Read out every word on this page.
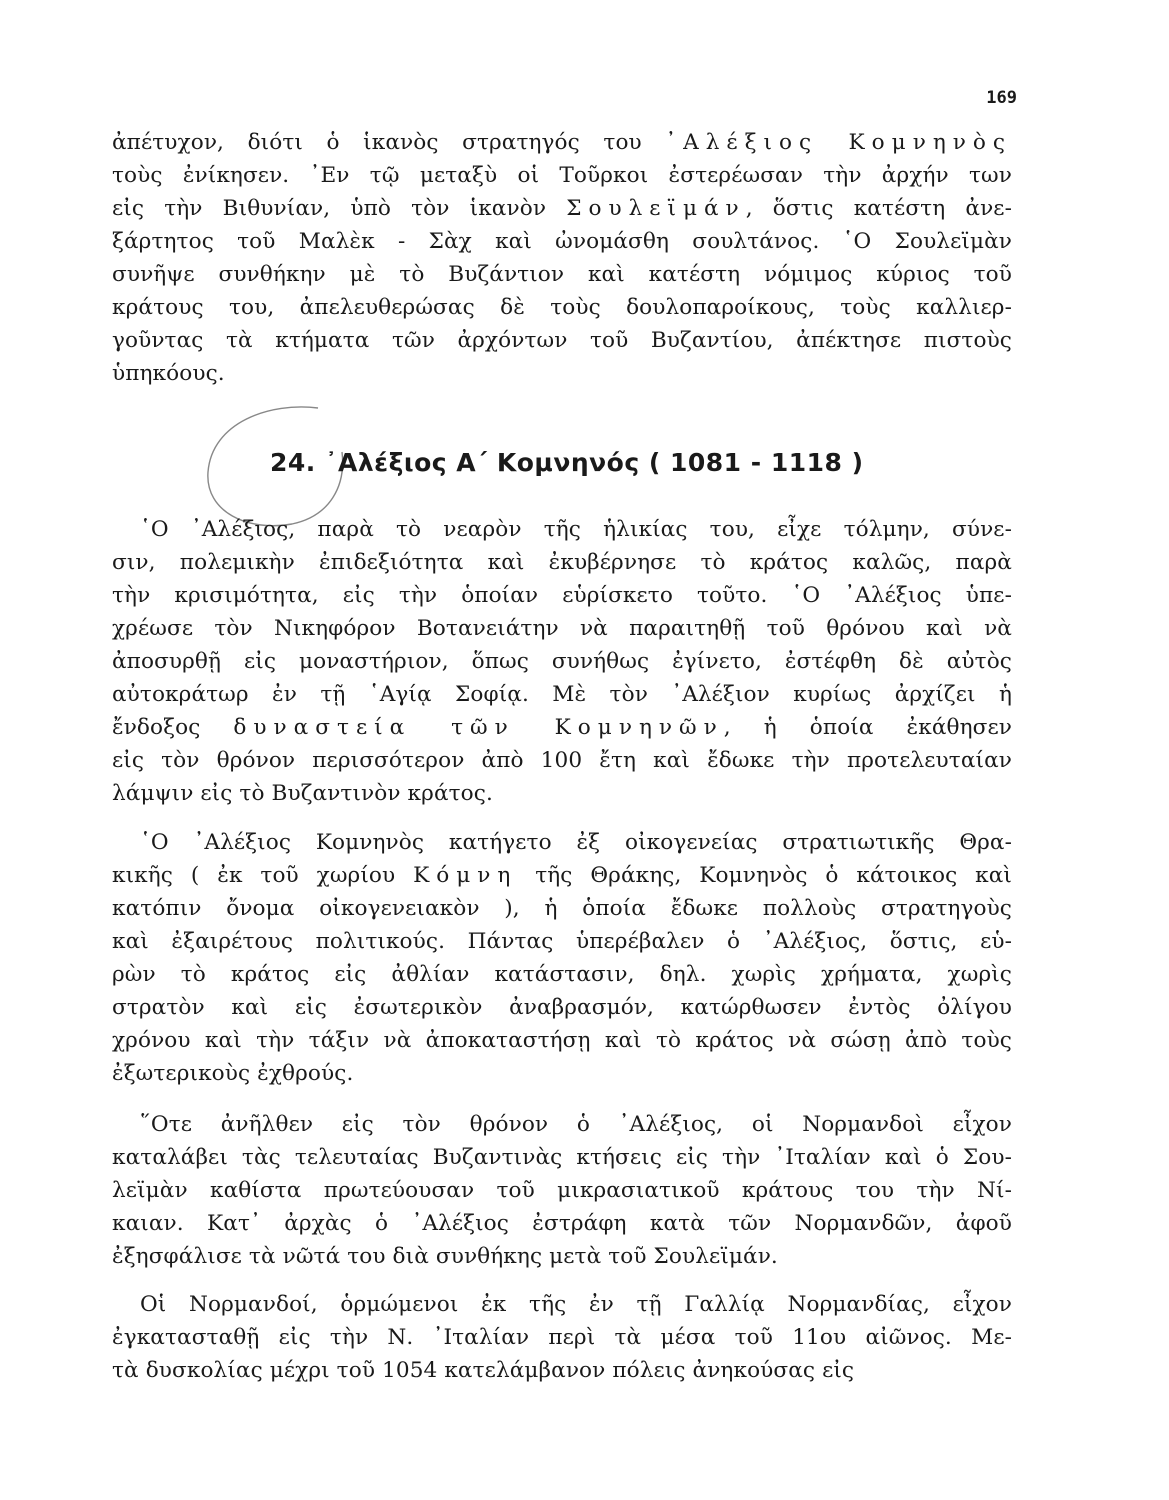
169
ἀπέτυχον, διότι ὁ ἱκανὸς στρατηγός του ᾿Αλέξιος Κομνηνὸς
τοὺς ἐνίκησεν. ᾿Εν τῷ μεταξὺ οἱ Τοῦρκοι ἐστερέωσαν τὴν ἀρχήν των
εἰς τὴν Βιθυνίαν, ὑπὸ τὸν ἱκανὸν Σουλεϊμάν, ὅστις κατέστη ἀνε-
ξάρτητος τοῦ Μαλὲκ - Σὰχ καὶ ὠνομάσθη σουλτάνος. ῾Ο Σουλεϊμὰν
συνῆψε συνθήκην μὲ τὸ Βυζάντιον καὶ κατέστη νόμιμος κύριος τοῦ
κράτους του, ἀπελευθερώσας δὲ τοὺς δουλοπαροίκους, τοὺς καλλιερ-
γοῦντας τὰ κτήματα τῶν ἀρχόντων τοῦ Βυζαντίου, ἀπέκτησε πιστοὺς
ὑπηκόους.
24. ᾿Αλέξιος Α΄ Κομνηνός ( 1081 - 1118 )
῾Ο ᾿Αλέξιος, παρὰ τὸ νεαρὸν τῆς ἡλικίας του, εἶχε τόλμην, σύνε-
σιν, πολεμικὴν ἐπιδεξιότητα καὶ ἐκυβέρνησε τὸ κράτος καλῶς, παρὰ
τὴν κρισιμότητα, εἰς τὴν ὁποίαν εὑρίσκετο τοῦτο. ῾Ο ᾿Αλέξιος ὑπε-
χρέωσε τὸν Νικηφόρον Βοτανειάτην νὰ παραιτηθῇ τοῦ θρόνου καὶ νὰ
ἀποσυρθῇ εἰς μοναστήριον, ὅπως συνήθως ἐγίνετο, ἐστέφθη δὲ αὐτὸς
αὐτοκράτωρ ἐν τῇ ῾Αγίᾳ Σοφίᾳ. Μὲ τὸν ᾿Αλέξιον κυρίως ἀρχίζει ἡ
ἔνδοξος δυναστεία τῶν Κομνηνῶν, ἡ ὁποία ἐκάθησεν
εἰς τὸν θρόνον περισσότερον ἀπὸ 100 ἔτη καὶ ἔδωκε τὴν προτελευταίαν
λάμψιν εἰς τὸ Βυζαντινὸν κράτος.
῾Ο ᾿Αλέξιος Κομνηνὸς κατήγετο ἐξ οἰκογενείας στρατιωτικῆς Θρα-
κικῆς ( ἐκ τοῦ χωρίου Κόμνη τῆς Θράκης, Κομνηνὸς ὁ κάτοικος καὶ
κατόπιν ὄνομα οἰκογενειακὸν ), ἡ ὁποία ἔδωκε πολλοὺς στρατηγοὺς
καὶ ἐξαιρέτους πολιτικούς. Πάντας ὑπερέβαλεν ὁ ᾿Αλέξιος, ὅστις, εὑ-
ρὼν τὸ κράτος εἰς ἀθλίαν κατάστασιν, δηλ. χωρὶς χρήματα, χωρὶς
στρατὸν καὶ εἰς ἐσωτερικὸν ἀναβρασμόν, κατώρθωσεν ἐντὸς ὀλίγου
χρόνου καὶ τὴν τάξιν νὰ ἀποκαταστήσῃ καὶ τὸ κράτος νὰ σώσῃ ἀπὸ τοὺς
ἐξωτερικοὺς ἐχθρούς.
῞Οτε ἀνῆλθεν εἰς τὸν θρόνον ὁ ᾿Αλέξιος, οἱ Νορμανδοὶ εἶχον
καταλάβει τὰς τελευταίας Βυζαντινὰς κτήσεις εἰς τὴν ᾿Ιταλίαν καὶ ὁ Σου-
λεϊμὰν καθίστα πρωτεύουσαν τοῦ μικρασιατικοῦ κράτους του τὴν Νί-
καιαν. Κατ᾿ ἀρχὰς ὁ ᾿Αλέξιος ἐστράφη κατὰ τῶν Νορμανδῶν, ἀφοῦ
ἐξησφάλισε τὰ νῶτά του διὰ συνθήκης μετὰ τοῦ Σουλεϊμάν.
Οἱ Νορμανδοί, ὁρμώμενοι ἐκ τῆς ἐν τῇ Γαλλίᾳ Νορμανδίας, εἶχον
ἐγκατασταθῇ εἰς τὴν Ν. ᾿Ιταλίαν περὶ τὰ μέσα τοῦ 11ου αἰῶνος. Με-
τὰ δυσκολίας μέχρι τοῦ 1054 κατελάμβανον πόλεις ἀνηκούσας εἰς
